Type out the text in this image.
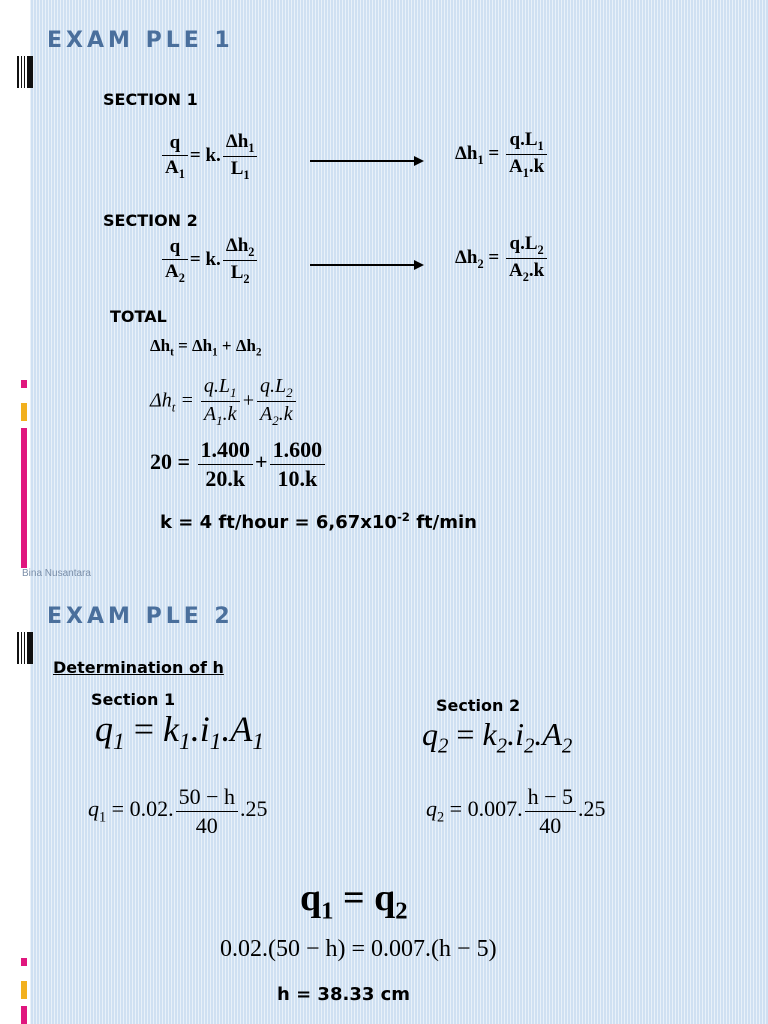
EXAM PLE 1
SECTION 1
$\frac{q}{A_1} = k$. $\frac{\Delta h_1}{L_1}$	$\Delta h_1 = \frac{q.L_1}{A_1.k}$
SECTION 2
$\frac{q}{A_2} = k$. $\frac{\Delta h_2}{L_2}$	$\Delta h_2 = \frac{q.L_2}{A_2.k}$
TOTAL
$\Delta h_t = \Delta h_1 + \Delta h_2$
$\Delta h_t = \frac{q.L_1}{A_1.k} + \frac{q.L_2}{A_2.k}$
$20 = \frac{1.400}{20.k} + \frac{1.600}{10.k}$
k = 4 ft/hour = $6,67x10^{-2}$ ft/min
Bina Nusantara
EXAM PLE 2
Determination of h
Section 1	Section 2
$q_1 = k_1.i_1.A_1$	$q_2 = k_2.i_2.A_2$
$q_1 = 0.02$. $\frac{50 - h}{40} .25$	$q_2 = 0.007$. $\frac{h - 5}{40} .25$
$q_1 = q_2$
0.02.(50 − h) = 0.007.(h − 5)
h = 38.33 cm
